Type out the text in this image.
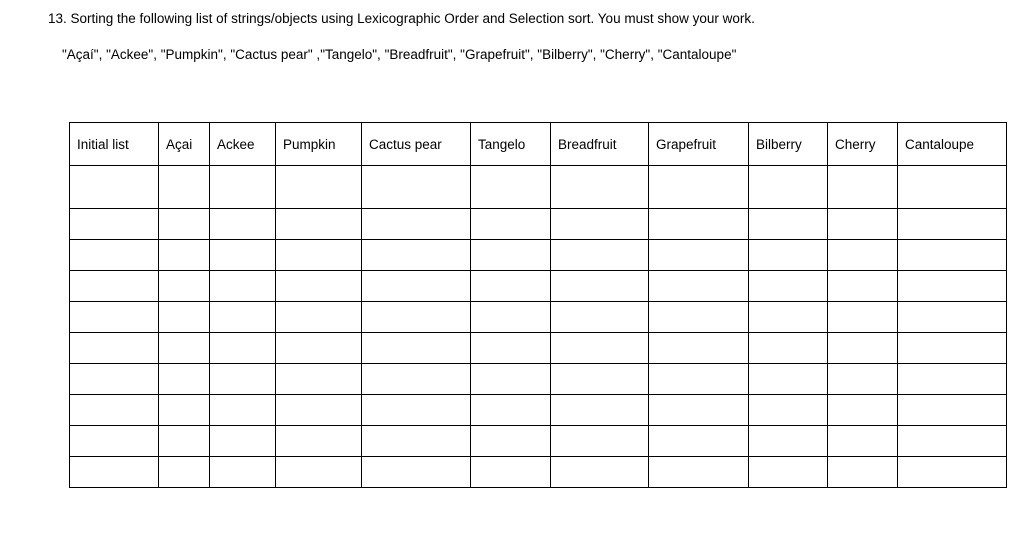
13. Sorting the following list of strings/objects using Lexicographic Order and Selection sort. You must show your work.
"Açaí", "Ackee", "Pumpkin", "Cactus pear" ,"Tangelo", "Breadfruit", "Grapefruit", "Bilberry", "Cherry", "Cantaloupe"
Initial list	Açai	Ackee	Pumpkin	Cactus pear	Tangelo	Breadfruit	Grapefruit	Bilberry	Cherry	Cantaloupe
